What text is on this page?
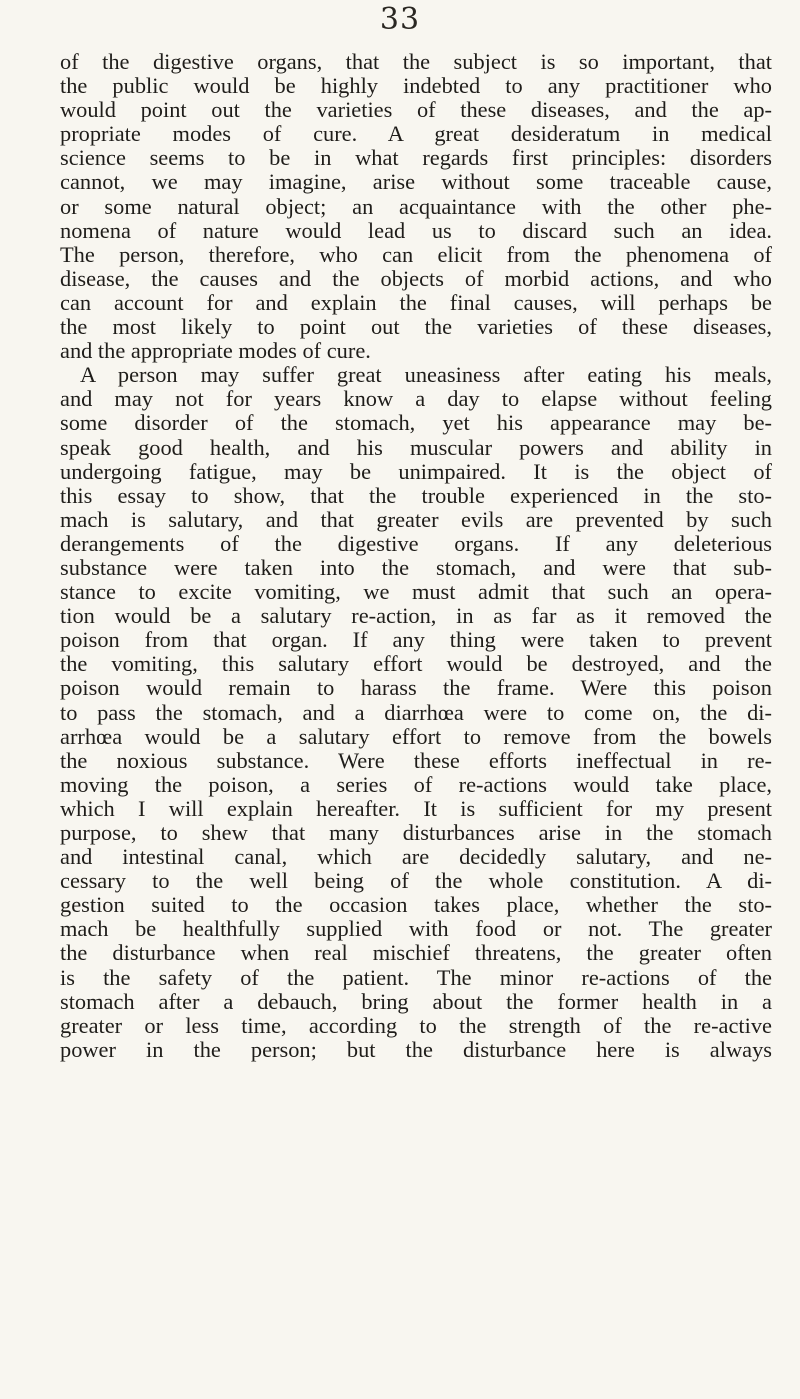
33
of the digestive organs, that the subject is so important, that
the public would be highly indebted to any practitioner who
would point out the varieties of these diseases, and the ap-
propriate modes of cure. A great desideratum in medical
science seems to be in what regards first principles: disorders
cannot, we may imagine, arise without some traceable cause,
or some natural object; an acquaintance with the other phe-
nomena of nature would lead us to discard such an idea.
The person, therefore, who can elicit from the phenomena of
disease, the causes and the objects of morbid actions, and who
can account for and explain the final causes, will perhaps be
the most likely to point out the varieties of these diseases,
and the appropriate modes of cure.
A person may suffer great uneasiness after eating his meals,
and may not for years know a day to elapse without feeling
some disorder of the stomach, yet his appearance may be-
speak good health, and his muscular powers and ability in
undergoing fatigue, may be unimpaired. It is the object of
this essay to show, that the trouble experienced in the sto-
mach is salutary, and that greater evils are prevented by such
derangements of the digestive organs. If any deleterious
substance were taken into the stomach, and were that sub-
stance to excite vomiting, we must admit that such an opera-
tion would be a salutary re-action, in as far as it removed the
poison from that organ. If any thing were taken to prevent
the vomiting, this salutary effort would be destroyed, and the
poison would remain to harass the frame. Were this poison
to pass the stomach, and a diarrhœa were to come on, the di-
arrhœa would be a salutary effort to remove from the bowels
the noxious substance. Were these efforts ineffectual in re-
moving the poison, a series of re-actions would take place,
which I will explain hereafter. It is sufficient for my present
purpose, to shew that many disturbances arise in the stomach
and intestinal canal, which are decidedly salutary, and ne-
cessary to the well being of the whole constitution. A di-
gestion suited to the occasion takes place, whether the sto-
mach be healthfully supplied with food or not. The greater
the disturbance when real mischief threatens, the greater often
is the safety of the patient. The minor re-actions of the
stomach after a debauch, bring about the former health in a
greater or less time, according to the strength of the re-active
power in the person; but the disturbance here is always
